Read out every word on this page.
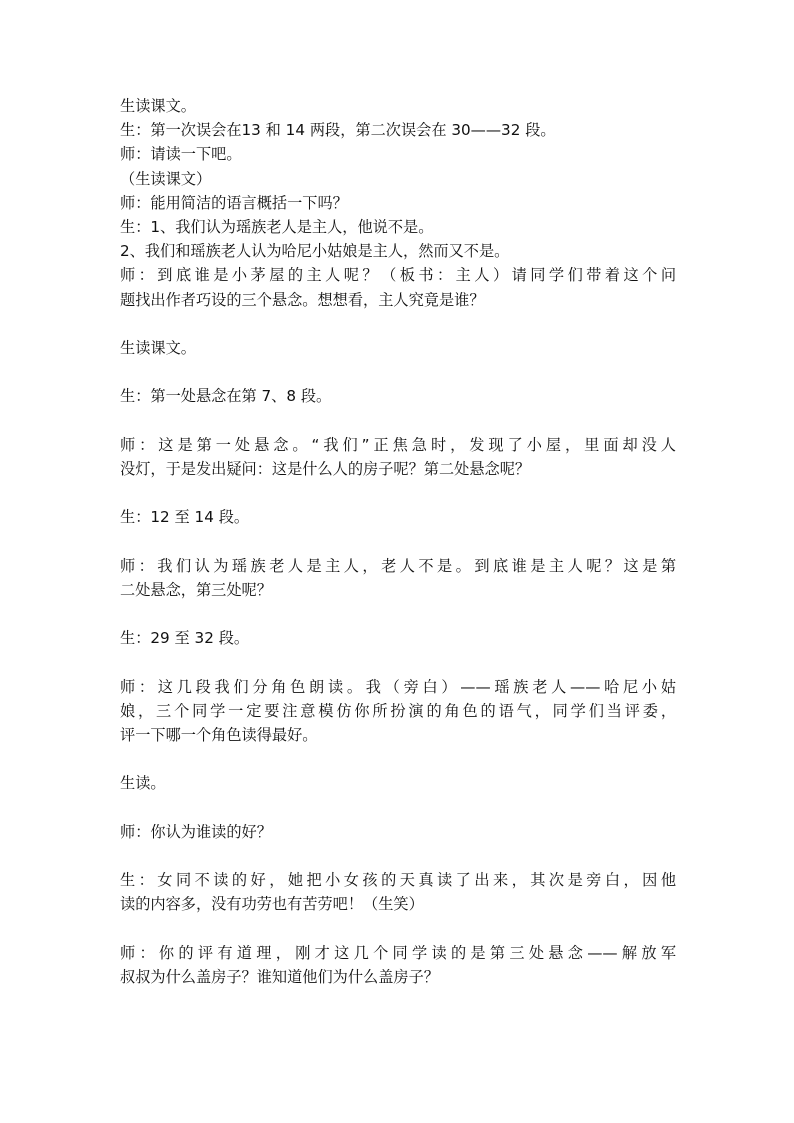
生读课文。
生：第一次误会在13 和 14 两段，第二次误会在 30——32 段。
师：请读一下吧。
（生读课文）
师：能用简洁的语言概括一下吗？
生：1、我们认为瑶族老人是主人，他说不是。
2、我们和瑶族老人认为哈尼小姑娘是主人，然而又不是。
师：到底谁是小茅屋的主人呢？（板书：主人）请同学们带着这个问
题找出作者巧设的三个悬念。想想看，主人究竟是谁？
生读课文。
生：第一处悬念在第 7、8 段。
师：这是第一处悬念。“我们”正焦急时，发现了小屋，里面却没人
没灯，于是发出疑问：这是什么人的房子呢？第二处悬念呢？
生：12 至 14 段。
师：我们认为瑶族老人是主人，老人不是。到底谁是主人呢？这是第
二处悬念，第三处呢？
生：29 至 32 段。
师：这几段我们分角色朗读。我（旁白）——瑶族老人——哈尼小姑
娘，三个同学一定要注意模仿你所扮演的角色的语气，同学们当评委，
评一下哪一个角色读得最好。
生读。
师：你认为谁读的好？
生：女同不读的好，她把小女孩的天真读了出来，其次是旁白，因他
读的内容多，没有功劳也有苦劳吧！（生笑）
师：你的评有道理，刚才这几个同学读的是第三处悬念——解放军
叔叔为什么盖房子？谁知道他们为什么盖房子？
